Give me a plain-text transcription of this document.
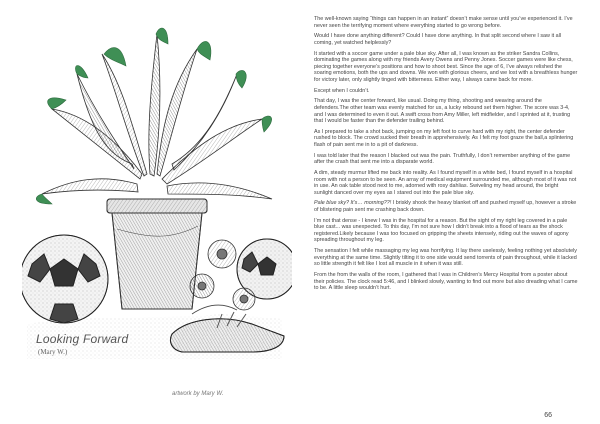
Looking Forward
(Mary W.)
artwork by Mary W.

The well-known saying “things can happen in an instant” doesn’t make sense until you’ve experienced it. I’ve never seen the terrifying moment where everything started to go wrong before.

Would I have done anything different? Could I have done anything. In that split second where I saw it all coming, yet watched helplessly?

It started with a soccer game under a pale blue sky. After all, I was known as the striker Sandra Collins, dominating the games along with my friends Avery Owens and Penny Jones. Soccer games were like chess, piecing together everyone’s positions and how to shoot best. Since the age of 6, I’ve always relished the soaring emotions, both the ups and downs. We won with glorious cheers, and we lost with a breathless hunger for victory later, only slightly tinged with bitterness. Either way, I always came back for more.

Except when I couldn’t.

That day, I was the center forward, like usual. Doing my thing, shooting and weaving around the defenders.The other team was evenly matched for us, a lucky rebound set them higher. The score was 3-4, and I was determined to even it out. A swift cross from Amy Miller, left midfielder, and I sprinted at it, trusting that I would be faster than the defender trailing behind.

As I prepared to take a shot back, jumping on my left foot to curve hard with my right, the center defender rushed to block. The crowd sucked their breath in apprehensively. As I felt my foot graze the ball,a splintering flash of pain sent me in to a pit of darkness.

I was told later that the reason I blacked out was the pain. Truthfully, I don’t remember anything of the game after the crash that sent me into a disparate world.

A dim, steady murmur lifted me back into reality. As I found myself in a white bed, I found myself in a hospital room with not a person to be seen. An array of medical equipment surrounded me, although most of it was not in use. An oak table stood next to me, adorned with rosy dahlias. Swiveling my head around, the bright sunlight danced over my eyes as I stared out into the pale blue sky.

Pale blue sky? It’s… morning??! I briskly shook the heavy blanket off and pushed myself up, however a stroke of blistering pain sent me crashing back down.

I’m not that dense - I knew I was in the hospital for a reason. But the sight of my right leg covered in a pale blue cast... was unexpected. To this day, I’m not sure how I didn’t break into a flood of tears as the shock registered.Likely because I was too focused on gripping the sheets intensely, riding out the waves of agony spreading throughout my leg.

The sensation I felt while massaging my leg was horrifying. It lay there uselessly, feeling nothing yet absolutely everything at the same time. Slightly tilting it to one side would send torrents of pain throughout, while it lacked so little strength it felt like I lost all muscle in it when it was still.

From the from the walls of the room, I gathered that I was in Children’s Mercy Hospital from a poster about their policies. The clock read 5:46, and I blinked slowly, wanting to find out more but also dreading what I came to be. A little sleep wouldn’t hurt.

66
